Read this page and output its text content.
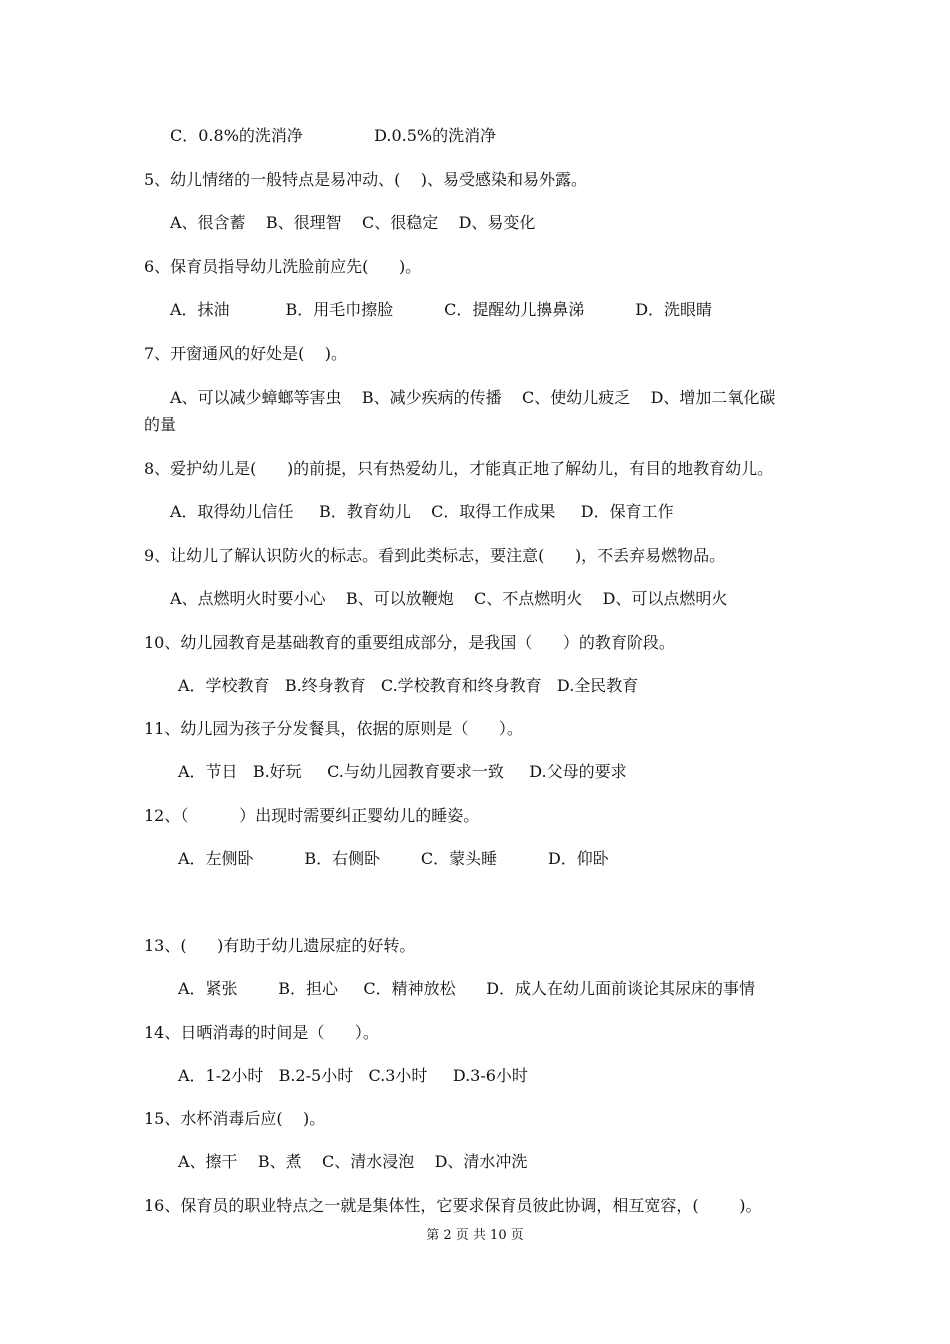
C．0.8%的洗消净              D.0.5%的洗消净
5、幼儿情绪的一般特点是易冲动、(    )、易受感染和易外露。
A、很含蓄    B、很理智    C、很稳定    D、易变化
6、保育员指导幼儿洗脸前应先(      )。
A．抹油           B．用毛巾擦脸          C．提醒幼儿擤鼻涕          D．洗眼睛
7、开窗通风的好处是(    )。
A、可以减少蟑螂等害虫    B、减少疾病的传播    C、使幼儿疲乏    D、增加二氧化碳
的量
8、爱护幼儿是(      )的前提，只有热爱幼儿，才能真正地了解幼儿，有目的地教育幼儿。
A．取得幼儿信任     B．教育幼儿    C．取得工作成果     D．保育工作
9、让幼儿了解认识防火的标志。看到此类标志，要注意(      )，不丢弃易燃物品。
A、点燃明火时要小心    B、可以放鞭炮    C、不点燃明火    D、可以点燃明火
10、幼儿园教育是基础教育的重要组成部分，是我国（      ）的教育阶段。
A．学校教育   B.终身教育   C.学校教育和终身教育   D.全民教育
11、幼儿园为孩子分发餐具，依据的原则是（      ）。
A．节日   B.好玩     C.与幼儿园教育要求一致     D.父母的要求
12、（          ）出现时需要纠正婴幼儿的睡姿。
A．左侧卧          B．右侧卧        C．蒙头睡          D．仰卧
13、(      )有助于幼儿遗尿症的好转。
A．紧张        B．担心     C．精神放松      D．成人在幼儿面前谈论其尿床的事情
14、日晒消毒的时间是（      ）。
A．1-2小时   B.2-5小时   C.3小时     D.3-6小时
15、水杯消毒后应(    )。
A、擦干    B、煮    C、清水浸泡    D、清水冲洗
16、保育员的职业特点之一就是集体性，它要求保育员彼此协调，相互宽容，(        )。
第 2 页 共 10 页
